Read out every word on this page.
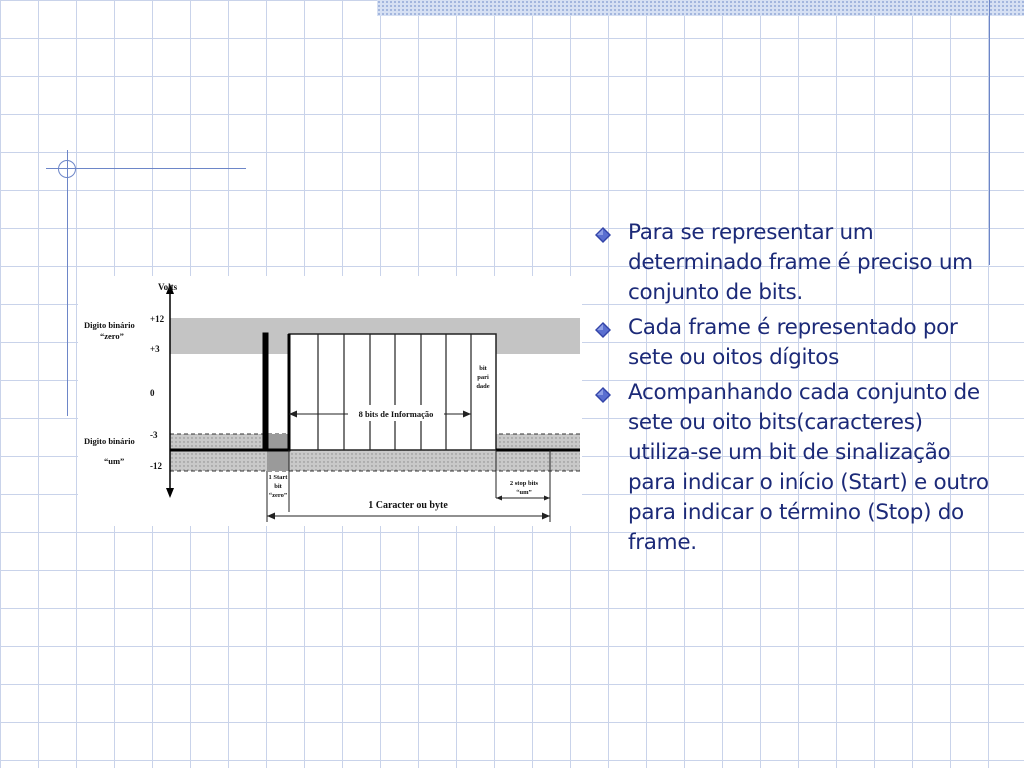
Volts
+12
+3
0
-3
-12
Digito binário
“zero”
Digito binário
“um”
8 bits de Informação
bit
pari
dade
1 Start
bit
“zero”
2 stop bits
“um”
1 Caracter ou byte
Para se representar um determinado frame é preciso um conjunto de bits.
Cada frame é representado por sete ou oitos dígitos
Acompanhando cada conjunto de sete ou oito bits(caracteres) utiliza-se um bit de sinalização para indicar o início (Start) e outro para indicar o término (Stop) do frame.
